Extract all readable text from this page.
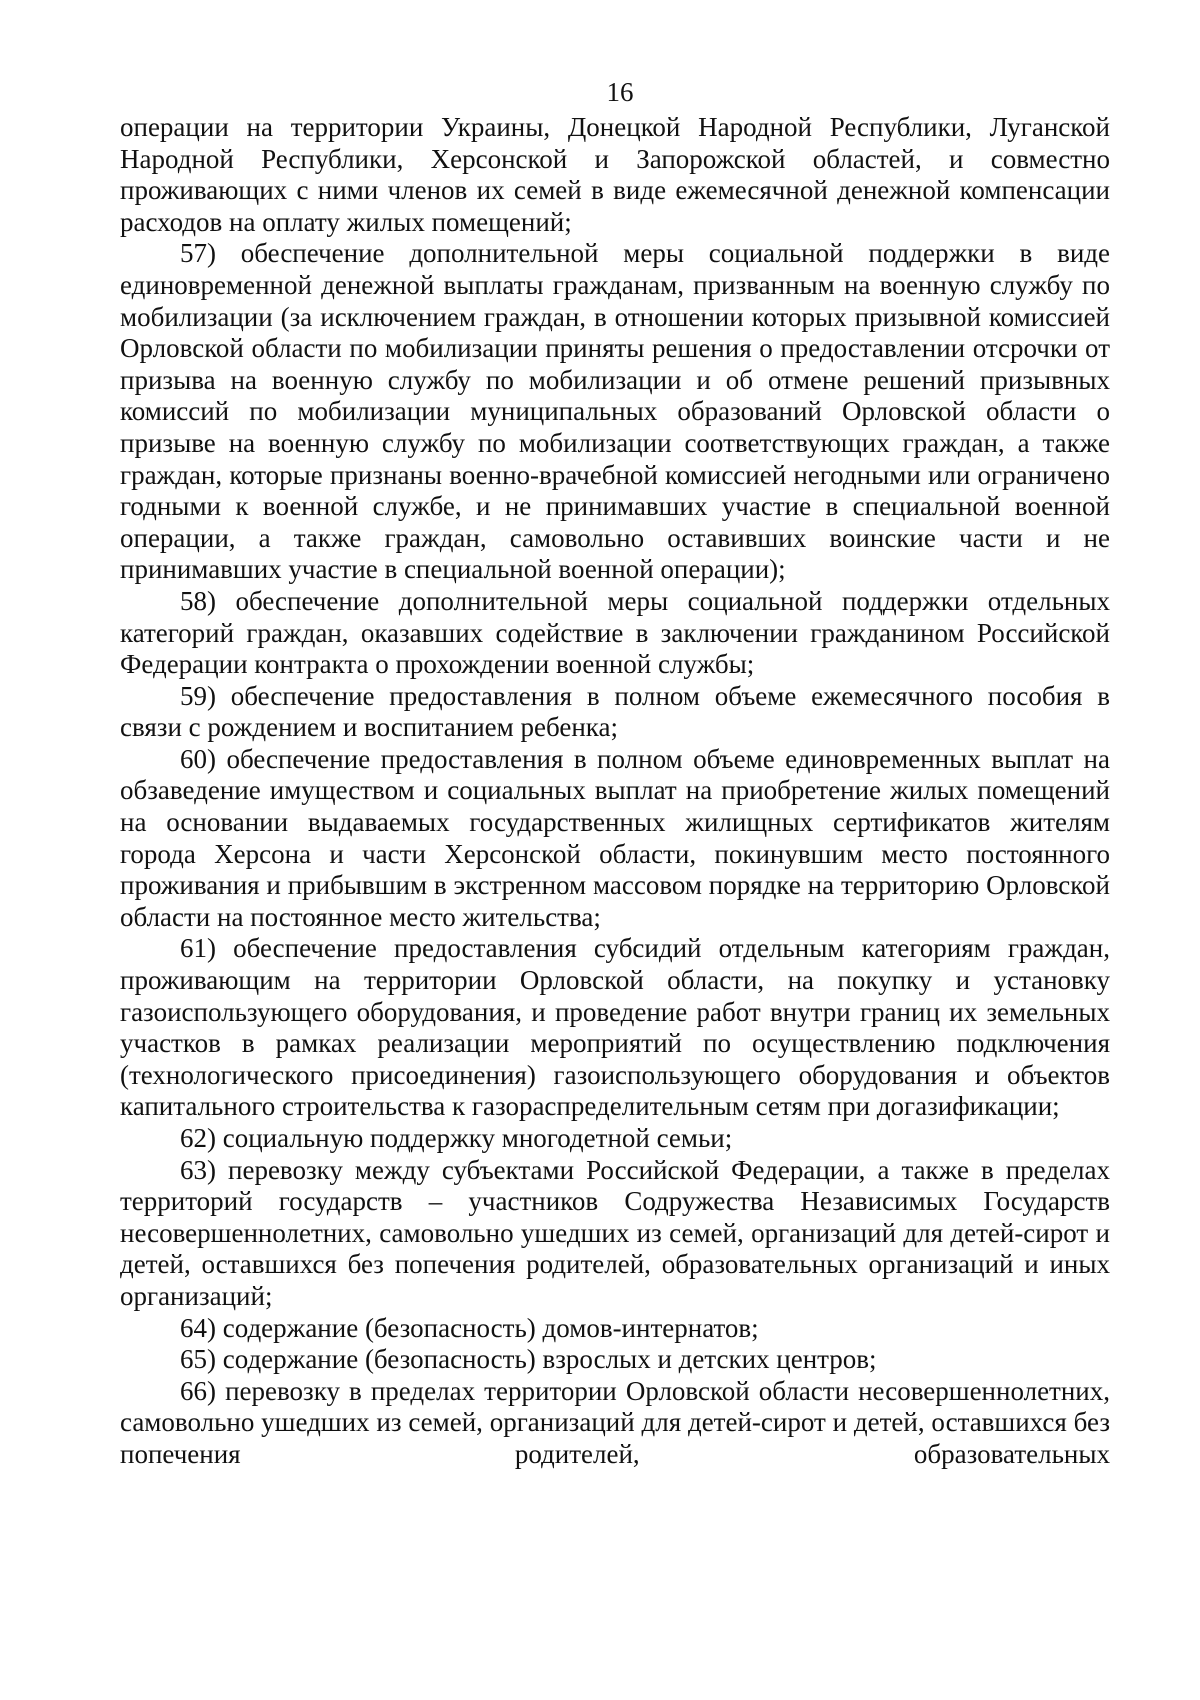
16

операции на территории Украины, Донецкой Народной Республики, Луганской Народной Республики, Херсонской и Запорожской областей, и совместно проживающих с ними членов их семей в виде ежемесячной денежной компенсации расходов на оплату жилых помещений;

57) обеспечение дополнительной меры социальной поддержки в виде единовременной денежной выплаты гражданам, призванным на военную службу по мобилизации (за исключением граждан, в отношении которых призывной комиссией Орловской области по мобилизации приняты решения о предоставлении отсрочки от призыва на военную службу по мобилизации и об отмене решений призывных комиссий по мобилизации муниципальных образований Орловской области о призыве на военную службу по мобилизации соответствующих граждан, а также граждан, которые признаны военно-врачебной комиссией негодными или ограничено годными к военной службе, и не принимавших участие в специальной военной операции, а также граждан, самовольно оставивших воинские части и не принимавших участие в специальной военной операции);

58) обеспечение дополнительной меры социальной поддержки отдельных категорий граждан, оказавших содействие в заключении гражданином Российской Федерации контракта о прохождении военной службы;

59) обеспечение предоставления в полном объеме ежемесячного пособия в связи с рождением и воспитанием ребенка;

60) обеспечение предоставления в полном объеме единовременных выплат на обзаведение имуществом и социальных выплат на приобретение жилых помещений на основании выдаваемых государственных жилищных сертификатов жителям города Херсона и части Херсонской области, покинувшим место постоянного проживания и прибывшим в экстренном массовом порядке на территорию Орловской области на постоянное место жительства;

61) обеспечение предоставления субсидий отдельным категориям граждан, проживающим на территории Орловской области, на покупку и установку газоиспользующего оборудования, и проведение работ внутри границ их земельных участков в рамках реализации мероприятий по осуществлению подключения (технологического присоединения) газоиспользующего оборудования и объектов капитального строительства к газораспределительным сетям при догазификации;

62) социальную поддержку многодетной семьи;

63) перевозку между субъектами Российской Федерации, а также в пределах территорий государств – участников Содружества Независимых Государств несовершеннолетних, самовольно ушедших из семей, организаций для детей-сирот и детей, оставшихся без попечения родителей, образовательных организаций и иных организаций;

64) содержание (безопасность) домов-интернатов;

65) содержание (безопасность) взрослых и детских центров;

66) перевозку в пределах территории Орловской области несовершеннолетних, самовольно ушедших из семей, организаций для детей-сирот и детей, оставшихся без попечения родителей, образовательных
